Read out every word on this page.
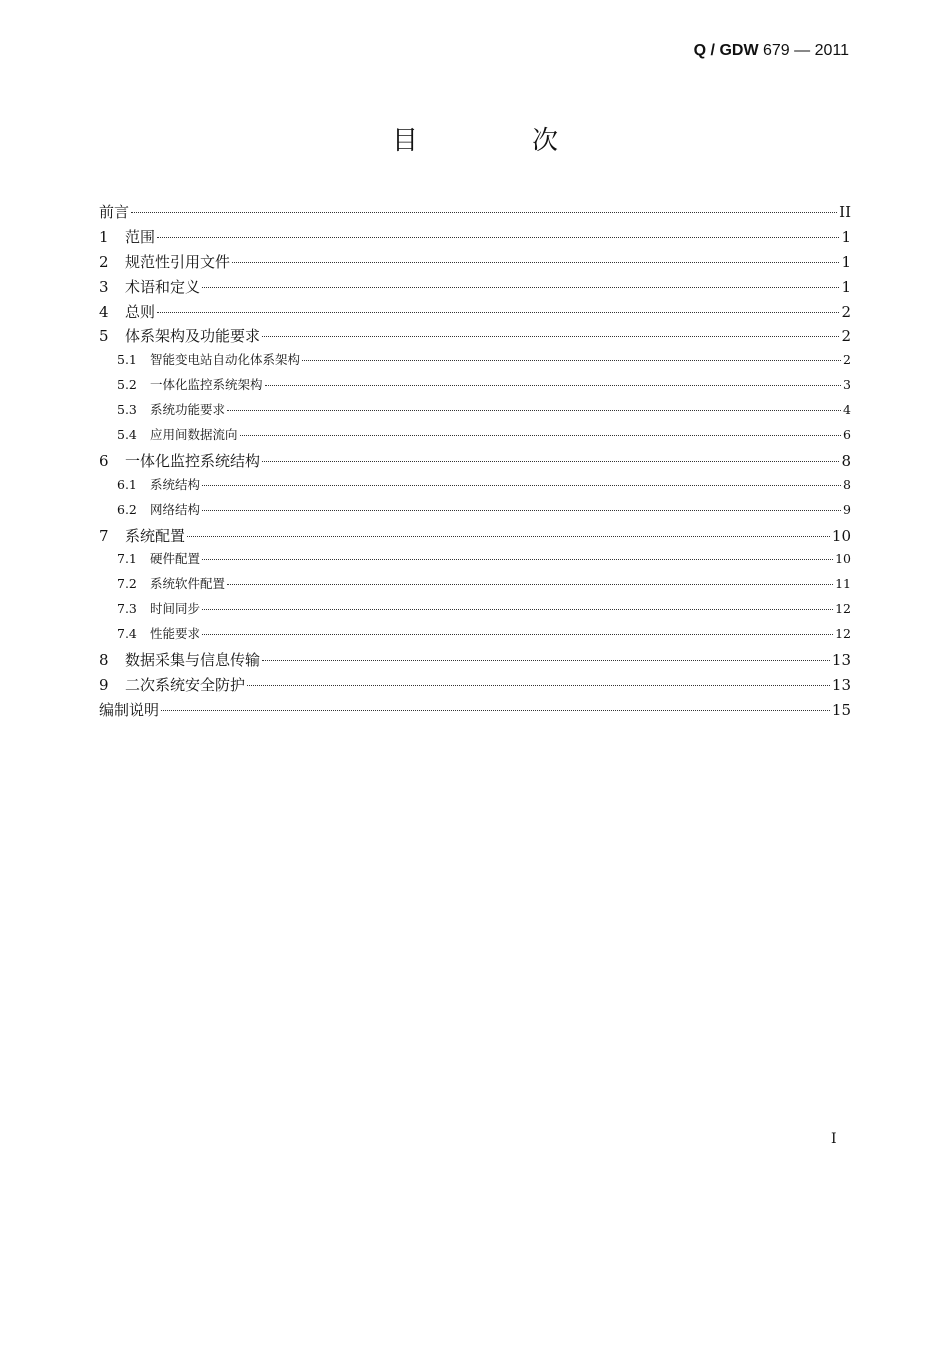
Q / GDW 679 — 2011
目　次
前言	II
1	范围	1
2	规范性引用文件	1
3	术语和定义	1
4	总则	2
5	体系架构及功能要求	2
5.1	智能变电站自动化体系架构	2
5.2	一体化监控系统架构	3
5.3	系统功能要求	4
5.4	应用间数据流向	6
6	一体化监控系统结构	8
6.1	系统结构	8
6.2	网络结构	9
7	系统配置	10
7.1	硬件配置	10
7.2	系统软件配置	11
7.3	时间同步	12
7.4	性能要求	12
8	数据采集与信息传输	13
9	二次系统安全防护	13
编制说明	15
I
